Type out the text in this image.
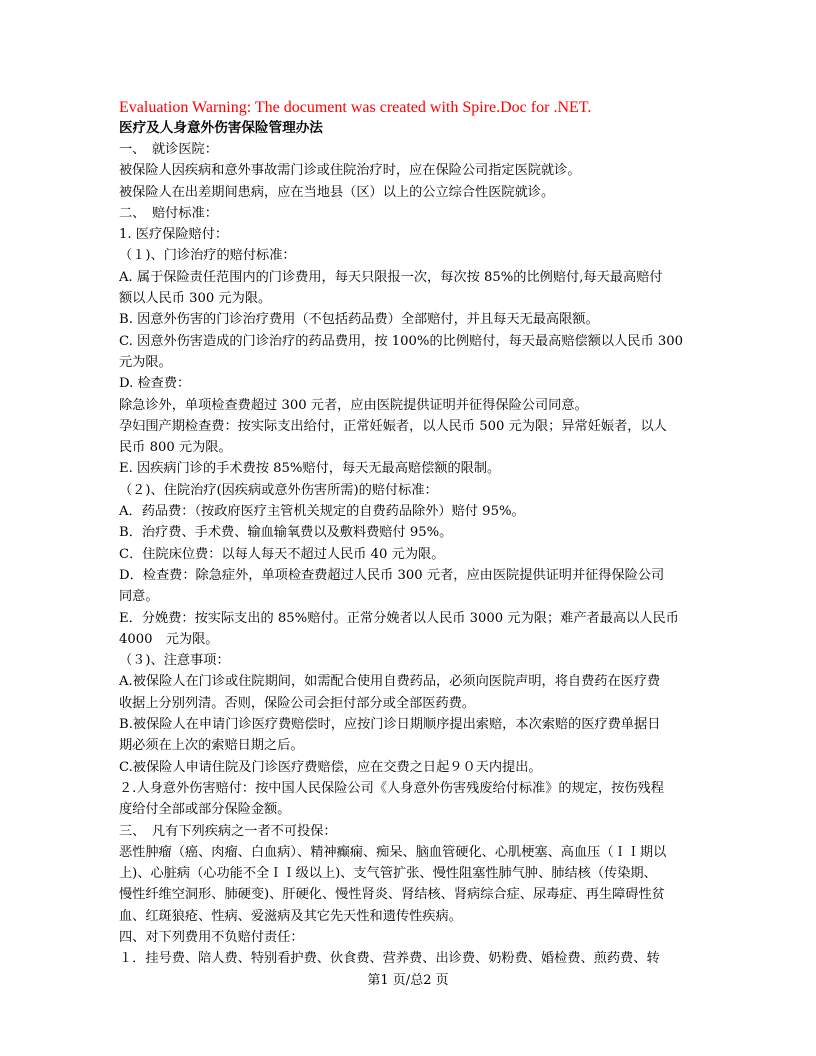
Evaluation Warning: The document was created with Spire.Doc for .NET.
医疗及人身意外伤害保险管理办法
一、　就诊医院：
被保险人因疾病和意外事故需门诊或住院治疗时，应在保险公司指定医院就诊。
被保险人在出差期间患病，应在当地县（区）以上的公立综合性医院就诊。
二、　赔付标准：
1. 医疗保险赔付：
（１)、门诊治疗的赔付标准：
A. 属于保险责任范围内的门诊费用，每天只限报一次，每次按 85%的比例赔付,每天最高赔付
额以人民币 300 元为限。
B. 因意外伤害的门诊治疗费用（不包括药品费）全部赔付，并且每天无最高限额。
C. 因意外伤害造成的门诊治疗的药品费用，按 100%的比例赔付，每天最高赔偿额以人民币 300
元为限。
D. 检查费：
除急诊外，单项检查费超过 300 元者，应由医院提供证明并征得保险公司同意。
孕妇围产期检查费：按实际支出给付，正常妊娠者，以人民币 500 元为限；异常妊娠者，以人
民币 800 元为限。
E. 因疾病门诊的手术费按 85%赔付，每天无最高赔偿额的限制。
（２)、住院治疗(因疾病或意外伤害所需)的赔付标准：
A．药品费：（按政府医疗主管机关规定的自费药品除外）赔付 95%。
B．治疗费、手术费、输血输氧费以及敷料费赔付 95%。
C．住院床位费：以每人每天不超过人民币 40 元为限。
D．检查费：除急症外，单项检查费超过人民币 300 元者，应由医院提供证明并征得保险公司
同意。
E．分娩费：按实际支出的 85%赔付。正常分娩者以人民币 3000 元为限；难产者最高以人民币
4000　元为限。
（３)、注意事项：
A.被保险人在门诊或住院期间，如需配合使用自费药品，必须向医院声明，将自费药在医疗费
收据上分别列清。否则，保险公司会拒付部分或全部医药费。
B.被保险人在申请门诊医疗费赔偿时，应按门诊日期顺序提出索赔，本次索赔的医疗费单据日
期必须在上次的索赔日期之后。
C.被保险人申请住院及门诊医疗费赔偿，应在交费之日起９０天内提出。
２.人身意外伤害赔付：按中国人民保险公司《人身意外伤害残废给付标准》的规定，按伤残程
度给付全部或部分保险金额。
三、　凡有下列疾病之一者不可投保：
恶性肿瘤（癌、肉瘤、白血病）、精神癫痫、痴呆、脑血管硬化、心肌梗塞、高血压（ＩＩ期以
上)、心脏病（心功能不全ＩＩ级以上)、支气管扩张、慢性阻塞性肺气肿、肺结核（传染期、
慢性纤维空洞形、肺硬变)、肝硬化、慢性肾炎、肾结核、肾病综合症、尿毒症、再生障碍性贫
血、红斑狼疮、性病、爱滋病及其它先天性和遗传性疾病。
四、对下列费用不负赔付责任：
１．挂号费、陪人费、特别看护费、伙食费、营养费、出诊费、奶粉费、婚检费、煎药费、转
第1 页/总2 页
